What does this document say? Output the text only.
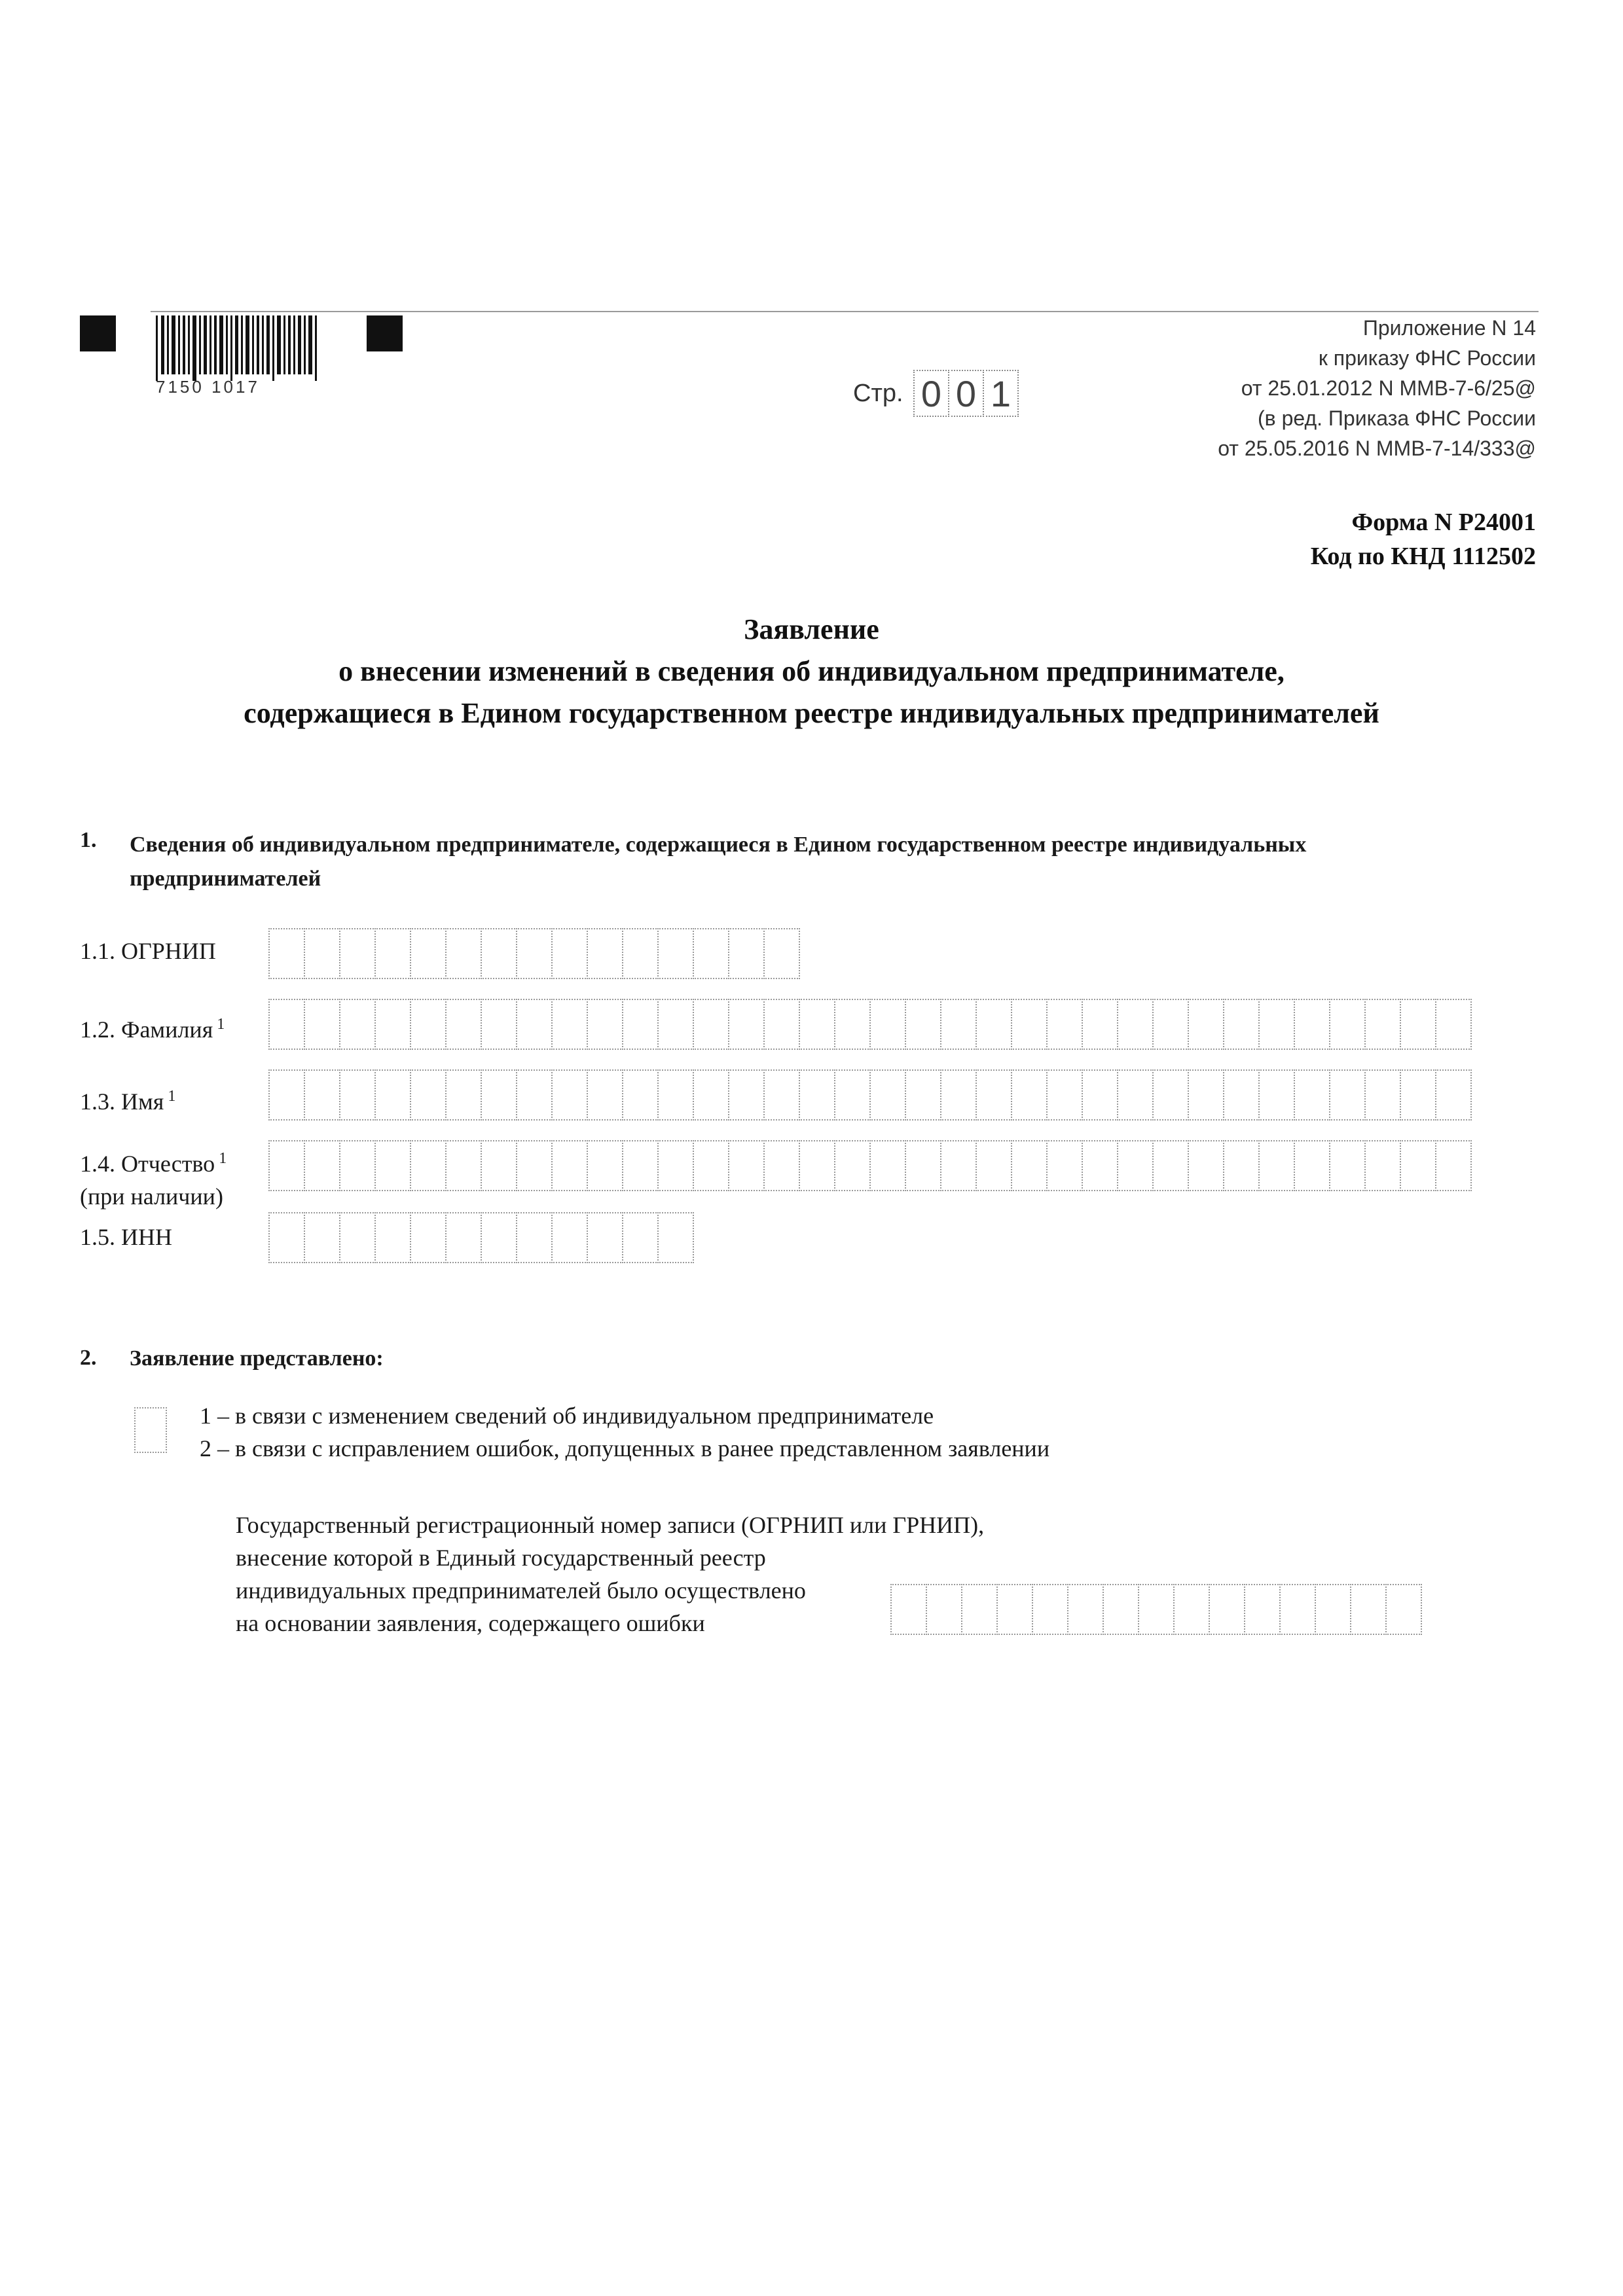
7150 1017	Стр. 0 0 1
Приложение N 14
к приказу ФНС России
от 25.01.2012 N ММВ-7-6/25@
(в ред. Приказа ФНС России
от 25.05.2016 N ММВ-7-14/333@
Форма N Р24001
Код по КНД 1112502
Заявление
о внесении изменений в сведения об индивидуальном предпринимателе,
содержащиеся в Едином государственном реестре индивидуальных предпринимателей
1. Сведения об индивидуальном предпринимателе, содержащиеся в Едином государственном реестре индивидуальных
предпринимателей
1.1. ОГРНИП
1.2. Фамилия $^1$
1.3. Имя $^1$
1.4. Отчество $^1$
(при наличии)
1.5. ИНН
2. Заявление представлено:
1 – в связи с изменением сведений об индивидуальном предпринимателе
2 – в связи с исправлением ошибок, допущенных в ранее представленном заявлении
Государственный регистрационный номер записи (ОГРНИП или ГРНИП),
внесение которой в Единый государственный реестр
индивидуальных предпринимателей было осуществлено
на основании заявления, содержащего ошибки
